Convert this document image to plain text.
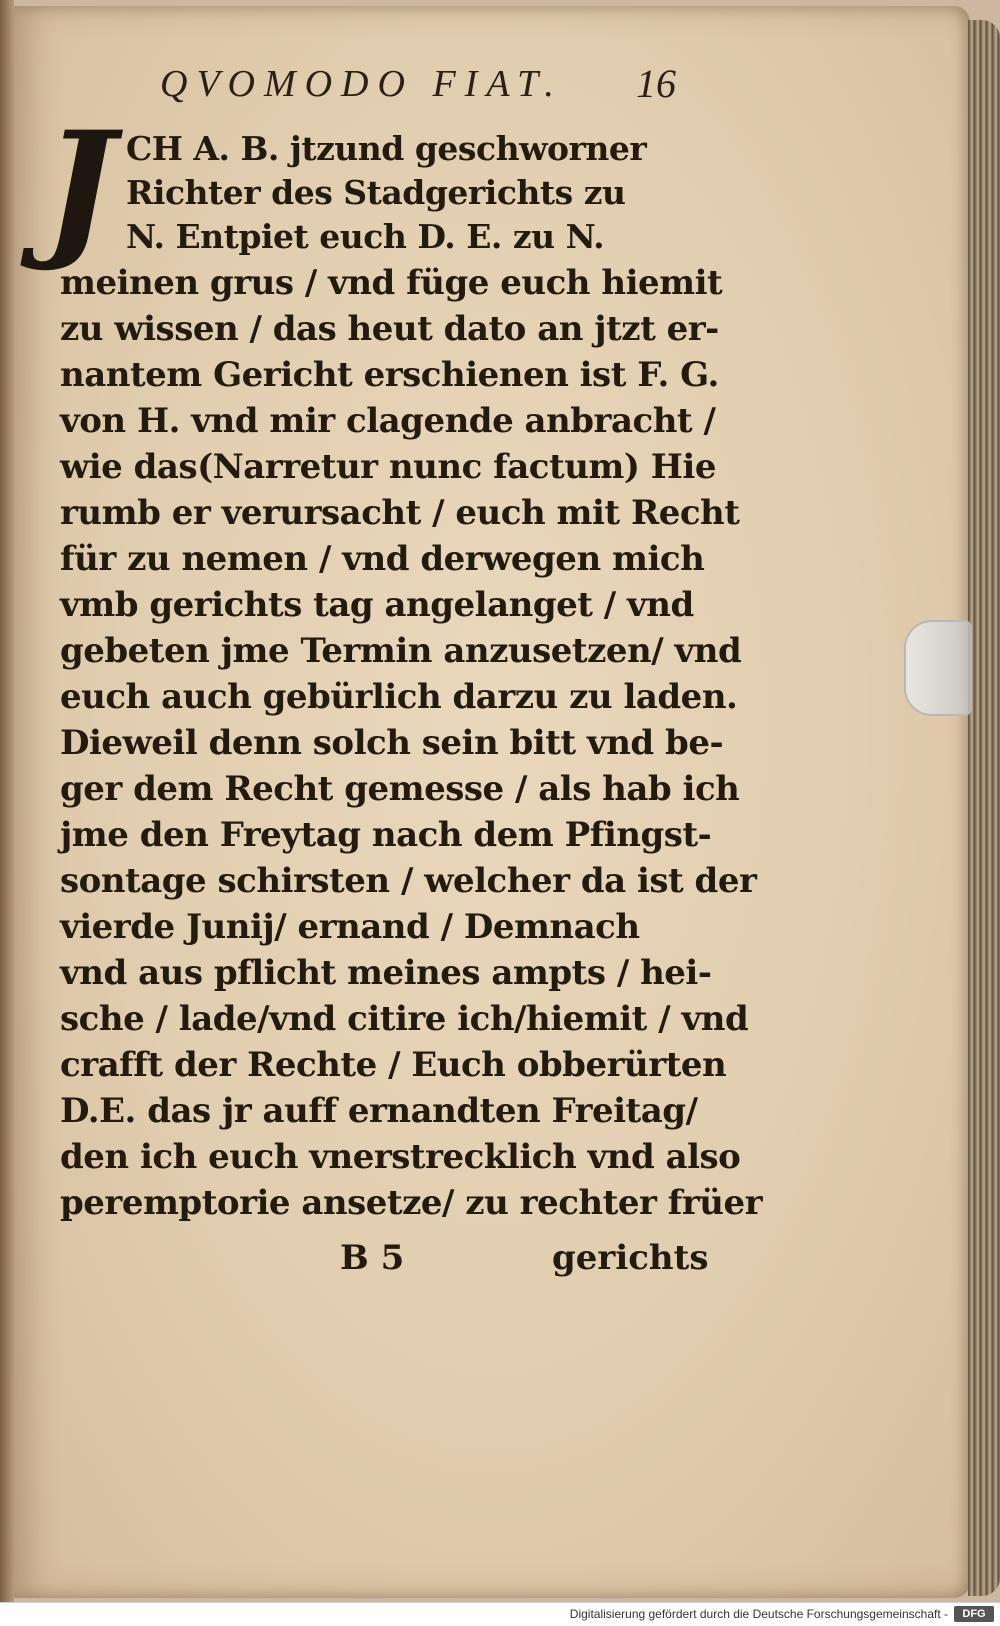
QVOMODO FIAT.	16
J CH A. B. jtzund geschworner
Richter des Stadgerichts zu
N. Entpiet euch D. E. zu N.
meinen grus / vnd füge euch hiemit
zu wissen / das heut dato an jtzt er-
nantem Gericht erschienen ist F. G.
von H. vnd mir clagende anbracht /
wie das(Narretur nunc factum) Hie
rumb er verursacht / euch mit Recht
für zu nemen / vnd derwegen mich
vmb gerichts tag angelanget / vnd
gebeten jme Termin anzusetzen/ vnd
euch auch gebürlich darzu zu laden.
Dieweil denn solch sein bitt vnd be-
ger dem Recht gemesse / als hab ich
jme den Freytag nach dem Pfingst-
sontage schirsten / welcher da ist der
vierde Junij/ ernand / Demnach
vnd aus pflicht meines ampts / hei-
sche / lade/vnd citire ich/hiemit / vnd
crafft der Rechte / Euch obberürten
D.E. das jr auff ernandten Freitag/
den ich euch vnerstrecklich vnd also
peremptorie ansetze/ zu rechter früer
B 5	gerichts
Digitalisierung gefördert durch die Deutsche Forschungsgemeinschaft -	DFG
